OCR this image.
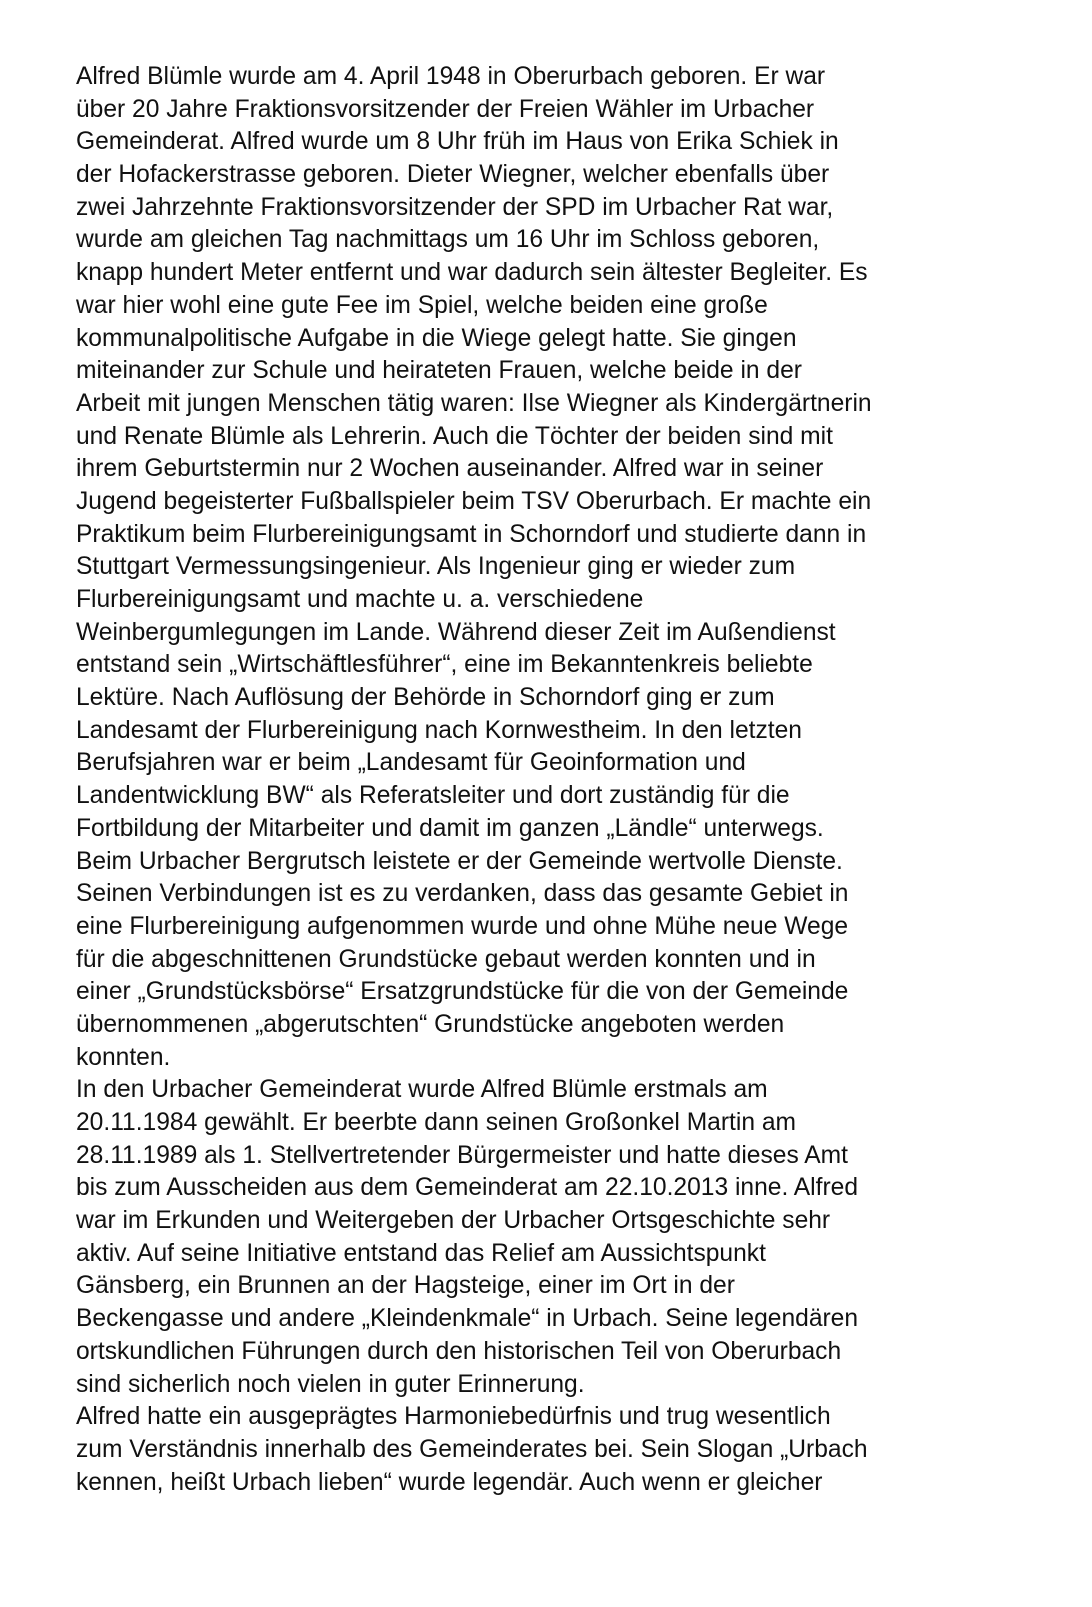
Alfred Blümle wurde am 4. April 1948 in Oberurbach geboren. Er war
über 20 Jahre Fraktionsvorsitzender der Freien Wähler im Urbacher
Gemeinderat. Alfred wurde um 8 Uhr früh im Haus von Erika Schiek in
der Hofackerstrasse geboren. Dieter Wiegner, welcher ebenfalls über
zwei Jahrzehnte Fraktionsvorsitzender der SPD im Urbacher Rat war,
wurde am gleichen Tag nachmittags um 16 Uhr im Schloss geboren,
knapp hundert Meter entfernt und war dadurch sein ältester Begleiter. Es
war hier wohl eine gute Fee im Spiel, welche beiden eine große
kommunalpolitische Aufgabe in die Wiege gelegt hatte. Sie gingen
miteinander zur Schule und heirateten Frauen, welche beide in der
Arbeit mit jungen Menschen tätig waren: Ilse Wiegner als Kindergärtnerin
und Renate Blümle als Lehrerin. Auch die Töchter der beiden sind mit
ihrem Geburtstermin nur 2 Wochen auseinander. Alfred war in seiner
Jugend begeisterter Fußballspieler beim TSV Oberurbach. Er machte ein
Praktikum beim Flurbereinigungsamt in Schorndorf und studierte dann in
Stuttgart Vermessungsingenieur. Als Ingenieur ging er wieder zum
Flurbereinigungsamt und machte u. a. verschiedene
Weinbergumlegungen im Lande. Während dieser Zeit im Außendienst
entstand sein „Wirtschäftlesführer“, eine im Bekanntenkreis beliebte
Lektüre. Nach Auflösung der Behörde in Schorndorf ging er zum
Landesamt der Flurbereinigung nach Kornwestheim. In den letzten
Berufsjahren war er beim „Landesamt für Geoinformation und
Landentwicklung BW“ als Referatsleiter und dort zuständig für die
Fortbildung der Mitarbeiter und damit im ganzen „Ländle“ unterwegs.
Beim Urbacher Bergrutsch leistete er der Gemeinde wertvolle Dienste.
Seinen Verbindungen ist es zu verdanken, dass das gesamte Gebiet in
eine Flurbereinigung aufgenommen wurde und ohne Mühe neue Wege
für die abgeschnittenen Grundstücke gebaut werden konnten und in
einer „Grundstücksbörse“ Ersatzgrundstücke für die von der Gemeinde
übernommenen „abgerutschten“ Grundstücke angeboten werden
konnten.
In den Urbacher Gemeinderat wurde Alfred Blümle erstmals am
20.11.1984 gewählt. Er beerbte dann seinen Großonkel Martin am
28.11.1989 als 1. Stellvertretender Bürgermeister und hatte dieses Amt
bis zum Ausscheiden aus dem Gemeinderat am 22.10.2013 inne. Alfred
war im Erkunden und Weitergeben der Urbacher Ortsgeschichte sehr
aktiv. Auf seine Initiative entstand das Relief am Aussichtspunkt
Gänsberg, ein Brunnen an der Hagsteige, einer im Ort in der
Beckengasse und andere „Kleindenkmale“ in Urbach. Seine legendären
ortskundlichen Führungen durch den historischen Teil von Oberurbach
sind sicherlich noch vielen in guter Erinnerung.
Alfred hatte ein ausgeprägtes Harmoniebedürfnis und trug wesentlich
zum Verständnis innerhalb des Gemeinderates bei. Sein Slogan „Urbach
kennen, heißt Urbach lieben“ wurde legendär. Auch wenn er gleicher
